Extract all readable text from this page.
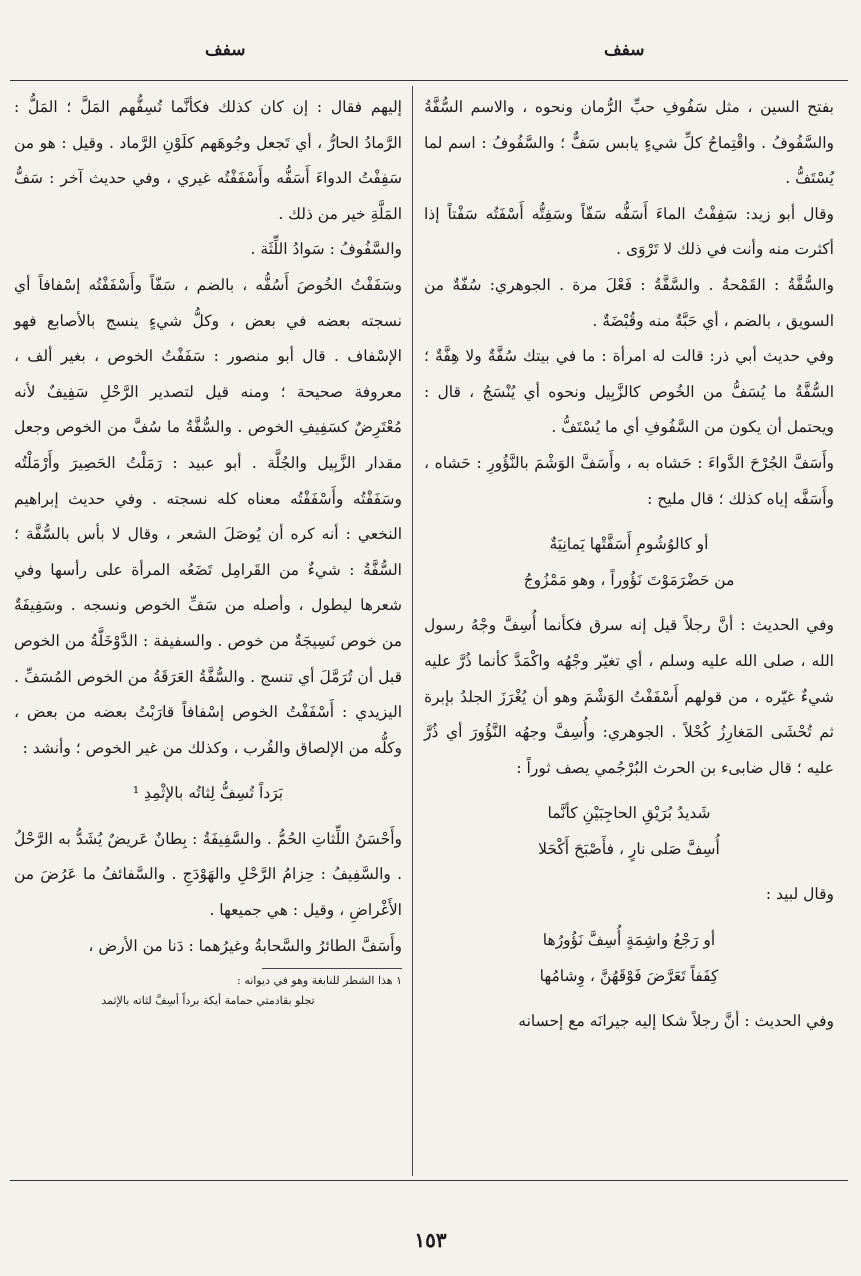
سفف	سفف

بفتح السين ، مثل سَفُوفِ حبِّ الرُّمان ونحوه ، والاسم السُّفَّةُ والسَّفُوفُ . واقْتِماحُ كلِّ شيءٍ يابس سَفٌّ ؛ والسَّفُوفُ : اسم لما يُسْتَفُّ .

وقال أبو زيد: سَفِفْتُ الماءَ أَسَفُّه سَفّاً وسَفِتُّه أَسْفَتُه سَفْتاً إذا أكثرت منه وأنت في ذلك لا تَرْوَى .

والسُّفَّةُ : القَمْحةُ . والسَّفَّةُ : فَعْلَ مرة . الجوهري: سُفّةٌ من السويق ، بالضم ، أي حَبَّةٌ منه وقُبْضَةٌ .

وفي حديث أبي ذر: قالت له امرأة : ما في بيتك سُفَّةٌ ولا هِفَّةٌ ؛ السُّفَّةُ ما يُسَفُّ من الخُوص كالزَّبِيل ونحوه أي يُنْسَجُ ، قال : ويحتمل أن يكون من السَّفُوفِ أي ما يُسْتَفُّ .

وأَسَفَّ الجُرْحَ الدَّواءَ : حَشاه به ، وأَسَفَّ الوَشْمَ بالنَّؤُورِ : حَشاه ، وأَسَفَّه إياه كذلك ؛ قال مليح :

أو كالوُشُومِ أَسَفَّتْها يَمانِيَةٌ
من حَضْرَمَوْتَ نَؤُوراً ، وهو مَمْزُوجُ

وفي الحديث : أنَّ رجلاً قيل إنه سرق فكأنما أُسِفَّ وجْهُ رسول الله ، صلى الله عليه وسلم ، أي تغيّر وجْهُه واكْمَدَّ كأنما ذُرَّ عليه شيءٌ غيّره ، من قولهم أَسْفَفْتُ الوَشْمَ وهو أن يُغْرَزَ الجلدُ بإبرة ثم تُحْشَى المَغارِزُ كُحْلاً . الجوهري: وأُسِفَّ وجهُه النَّؤُورَ أي ذُرَّ عليه ؛ قال ضابىء بن الحرث البُرْجُمي يصف ثوراً :

شَديدُ بُرَيْقِ الحاجِبَيْنِ كأنَّما
أُسِفَّ صَلى نارٍ ، فأَصْبَحَ أَكْحَلا

وقال لبيد :

أو رَجْعُ واشِمَةٍ أُسِفَّ نَؤُورُها
كِفَفاً تَعَرَّضَ فَوْقَهُنَّ ، وِشامُها

وفي الحديث : أنَّ رجلاً شكا إليه جيرانَه مع إحسانه

إليهم فقال : إن كان كذلك فكأنَّما تُسِفُّهم المَلَّ ؛ المَلُّ : الرَّمادُ الحارُّ ، أي تَجعل وجُوهَهم كلَوْنِ الرَّماد . وقيل : هو من سَفِفْتُ الدواءَ أَسَفُّه وأَسْفَفْتُه غيري ، وفي حديث آخر : سَفُّ المَلَّةِ خير من ذلك .

والسَّفُوفُ : سَوادُ اللِّثَة .

وسَفَفْتُ الخُوصَ أَسُفُّه ، بالضم ، سَفّاً وأَسْفَفْتُه إسْفافاً أي نسجته بعضه في بعض ، وكلُّ شيءٍ ينسج بالأصابع فهو الإسْفاف . قال أبو منصور : سَفَفْتُ الخوص ، بغير ألف ، معروفة صحيحة ؛ ومنه قيل لتصدير الرَّحْلِ سَفِيفٌ لأنه مُعْتَرِضٌ كسَفِيفِ الخوص . والسُّفَّةُ ما سُفَّ من الخوص وجعل مقدار الزَّبِيل والجُلَّة . أبو عبيد : رَمَلْتُ الحَصِيرَ وأَرْمَلْتُه وسَفَفْتُه وأَسْفَفْتُه معناه كله نسجته . وفي حديث إبراهيم النخعي : أنه كره أن يُوصَلَ الشعر ، وقال لا بأس بالسُّفَّة ؛ السُّفَّةُ : شيءٌ من القَرامِل تَضَعُه المرأة على رأسها وفي شعرها ليطول ، وأصله من سَفِّ الخوص ونسجه . وسَفِيفَةٌ من خوص نَسِيجَةٌ من خوص . والسفيفة : الدَّوْخَلَّةُ من الخوص قبل أن تُرَمَّلَ أي تنسج . والسُّفَّةُ العَرَقَةُ من الخوص المُسَفِّ . اليزيدي : أَسْفَفْتُ الخوص إسْفافاً قارَبْتُ بعضه من بعض ، وكلُّه من الإلصاق والقُرب ، وكذلك من غير الخوص ؛ وأنشد :

بَرَداً تُسِفُّ لِثاتُه بالإثْمِدِ ¹

وأَحْسَنُ اللِّثاتِ الحُمُّ . والسَّفِيفَةُ : بِطانٌ عَريضٌ يُشَدُّ به الرَّحْلُ . والسَّفِيفُ : حِزامُ الرَّحْلِ والهَوْدَجِ . والسَّفائفُ ما عَرُضَ من الأَغْراضِ ، وقيل : هي جميعها .

وأَسَفَّ الطائرُ والسَّحابةُ وغيرُهما : دَنا من الأرض ،

١ هذا الشطر للنابغة وهو في ديوانه :
تجلو بقادمتي حمامة أيكة برداً أسِفَّ لثاته بالإثمد
١٥٣
